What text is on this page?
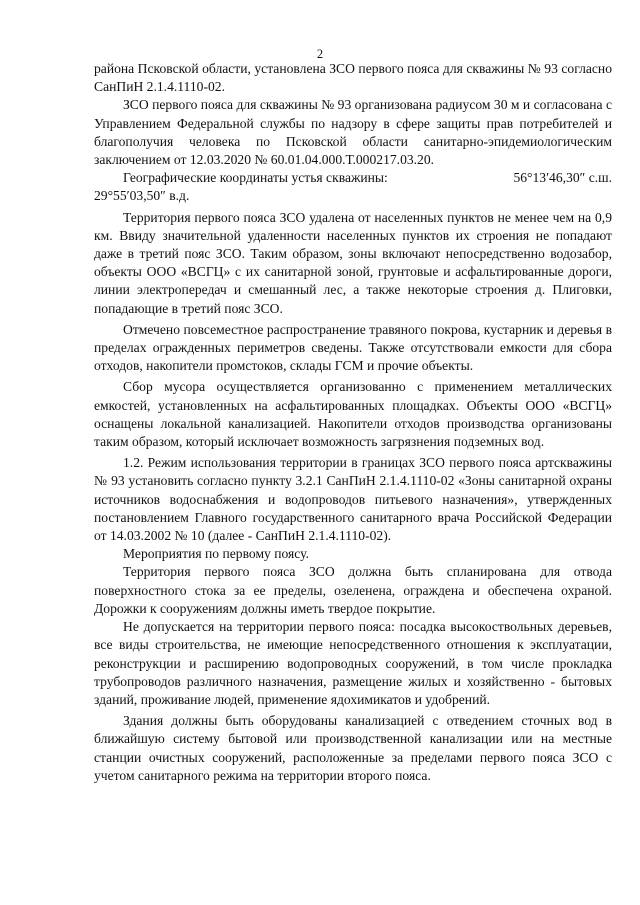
2

района Псковской области, установлена ЗСО первого пояса для скважины № 93 согласно СанПиН 2.1.4.1110-02.

ЗСО первого пояса для скважины № 93 организована радиусом 30 м и согласована с Управлением Федеральной службы по надзору в сфере защиты прав потребителей и благополучия человека по Псковской области санитарно-эпидемиологическим заключением от 12.03.2020 № 60.01.04.000.Т.000217.03.20.

Географические координаты устья скважины:	56°13′46,30″ с.ш.
29°55′03,50″ в.д.

Территория первого пояса ЗСО удалена от населенных пунктов не менее чем на 0,9 км. Ввиду значительной удаленности населенных пунктов их строения не попадают даже в третий пояс ЗСО. Таким образом, зоны включают непосредственно водозабор, объекты ООО «ВСГЦ» с их санитарной зоной, грунтовые и асфальтированные дороги, линии электропередач и смешанный лес, а также некоторые строения д. Плиговки, попадающие в третий пояс ЗСО.

Отмечено повсеместное распространение травяного покрова, кустарник и деревья в пределах огражденных периметров сведены. Также отсутствовали емкости для сбора отходов, накопители промстоков, склады ГСМ и прочие объекты.

Сбор мусора осуществляется организованно с применением металлических емкостей, установленных на асфальтированных площадках. Объекты ООО «ВСГЦ» оснащены локальной канализацией. Накопители отходов производства организованы таким образом, который исключает возможность загрязнения подземных вод.

1.2. Режим использования территории в границах ЗСО первого пояса артскважины № 93 установить согласно пункту 3.2.1 СанПиН 2.1.4.1110-02 «Зоны санитарной охраны источников водоснабжения и водопроводов питьевого назначения», утвержденных постановлением Главного государственного санитарного врача Российской Федерации от 14.03.2002 № 10 (далее - СанПиН 2.1.4.1110-02).

Мероприятия по первому поясу.

Территория первого пояса ЗСО должна быть спланирована для отвода поверхностного стока за ее пределы, озеленена, ограждена и обеспечена охраной. Дорожки к сооружениям должны иметь твердое покрытие.

Не допускается на территории первого пояса: посадка высокоствольных деревьев, все виды строительства, не имеющие непосредственного отношения к эксплуатации, реконструкции и расширению водопроводных сооружений, в том числе прокладка трубопроводов различного назначения, размещение жилых и хозяйственно - бытовых зданий, проживание людей, применение ядохимикатов и удобрений.

Здания должны быть оборудованы канализацией с отведением сточных вод в ближайшую систему бытовой или производственной канализации или на местные станции очистных сооружений, расположенные за пределами первого пояса ЗСО с учетом санитарного режима на территории второго пояса.
